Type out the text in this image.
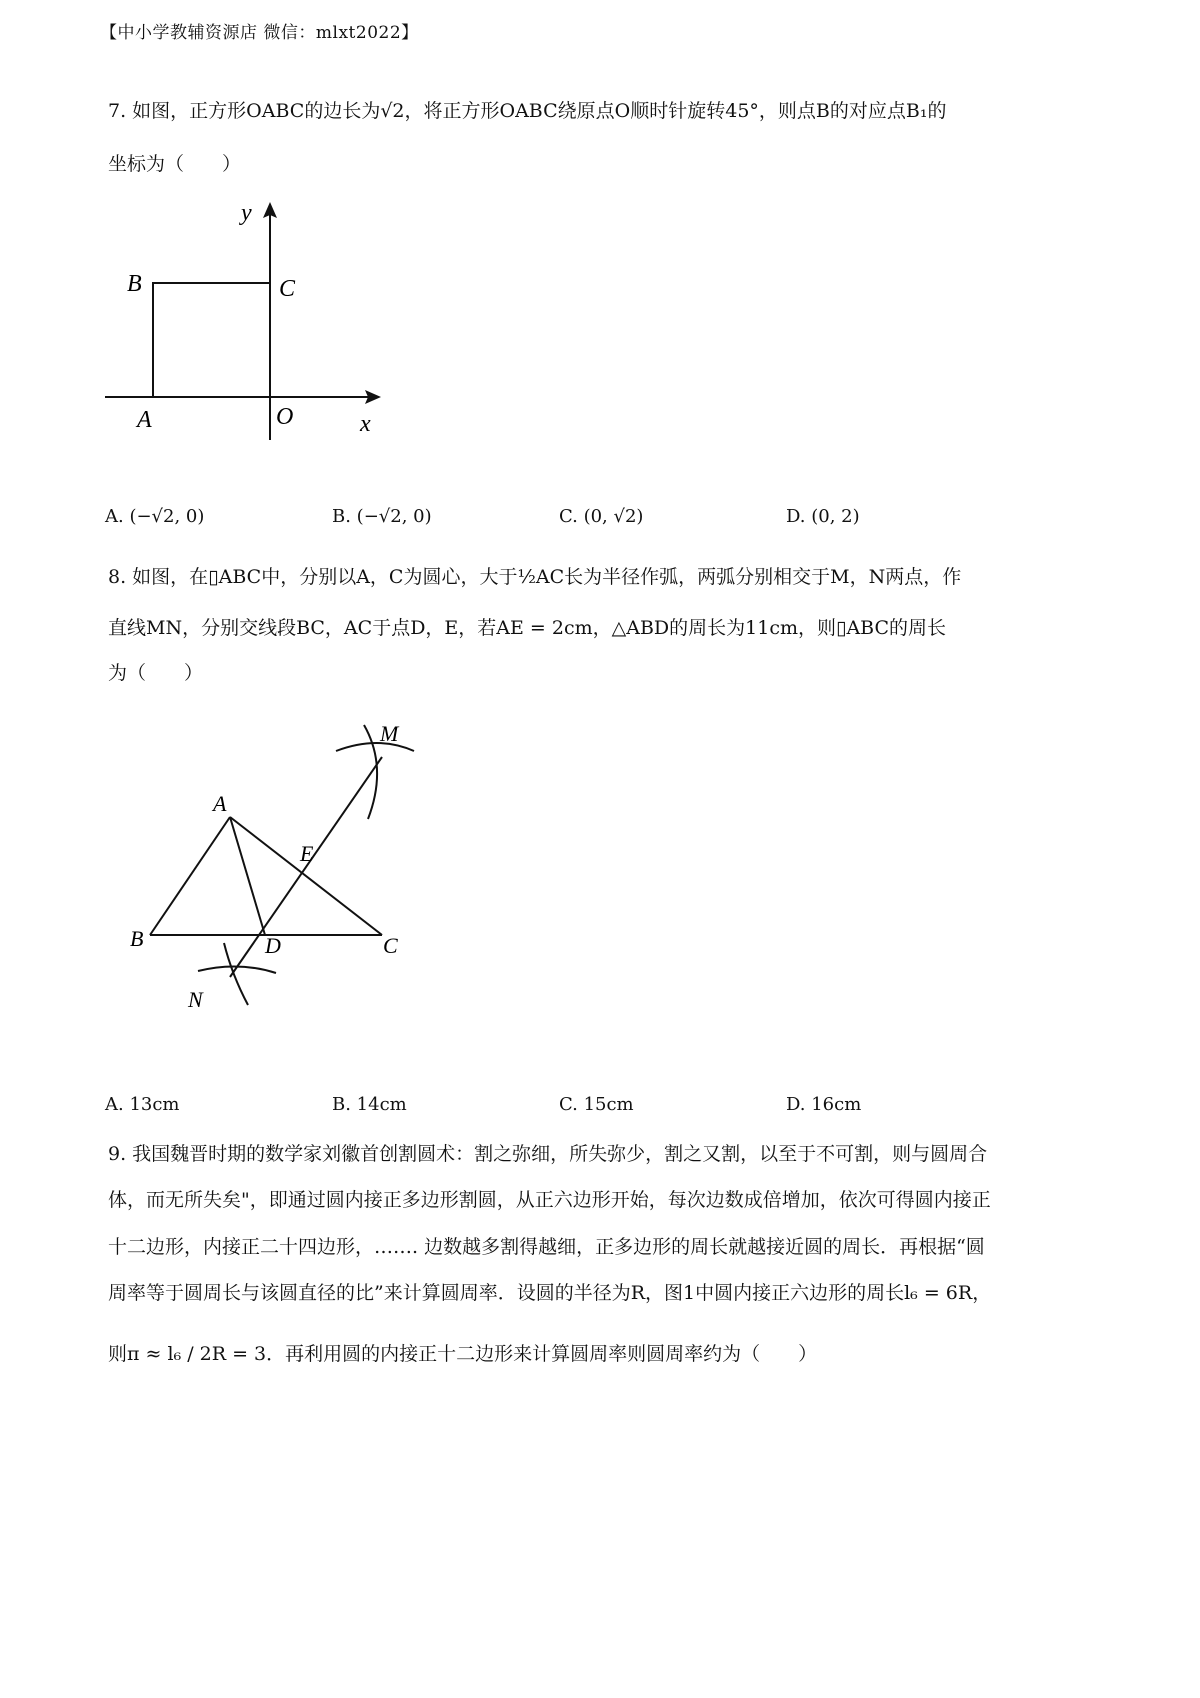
【中小学教辅资源店 微信：mlxt2022】
7. 如图，正方形OABC的边长为√2，将正方形OABC绕原点O顺时针旋转45°，则点B的对应点B₁的
坐标为（　　）
y
B	C
A	O	x
A. (−√2, 0)	B. (−√2, 0)	C. (0, √2)	D. (0, 2)
8. 如图，在▯ABC中，分别以A，C为圆心，大于½AC长为半径作弧，两弧分别相交于M，N两点，作
直线MN，分别交线段BC，AC于点D，E，若AE = 2cm，△ABD的周长为11cm，则▯ABC的周长
为（　　）
M
A
E
B	D	C
N
A. 13cm	B. 14cm	C. 15cm	D. 16cm
9. 我国魏晋时期的数学家刘徽首创割圆术：割之弥细，所失弥少，割之又割，以至于不可割，则与圆周合
体，而无所失矣"，即通过圆内接正多边形割圆，从正六边形开始，每次边数成倍增加，依次可得圆内接正
十二边形，内接正二十四边形，……. 边数越多割得越细，正多边形的周长就越接近圆的周长．再根据“圆
周率等于圆周长与该圆直径的比”来计算圆周率．设圆的半径为R，图1中圆内接正六边形的周长l₆ = 6R，
则π ≈ l₆ / 2R = 3．再利用圆的内接正十二边形来计算圆周率则圆周率约为（　　）
